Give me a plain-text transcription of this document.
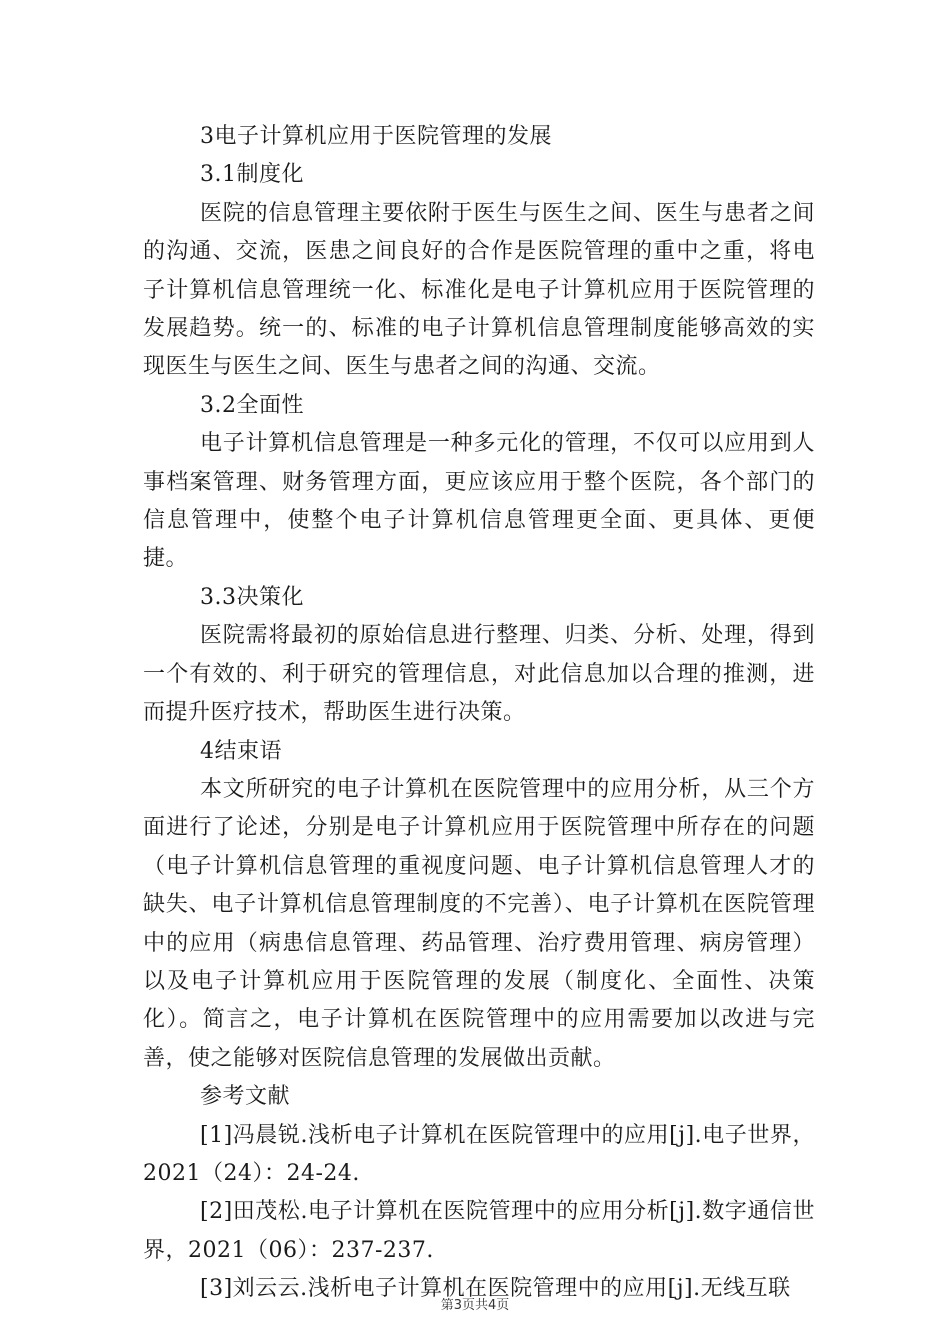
3电子计算机应用于医院管理的发展

3.1制度化

医院的信息管理主要依附于医生与医生之间、医生与患者之间的沟通、交流，医患之间良好的合作是医院管理的重中之重，将电子计算机信息管理统一化、标准化是电子计算机应用于医院管理的发展趋势。统一的、标准的电子计算机信息管理制度能够高效的实现医生与医生之间、医生与患者之间的沟通、交流。

3.2全面性

电子计算机信息管理是一种多元化的管理，不仅可以应用到人事档案管理、财务管理方面，更应该应用于整个医院，各个部门的信息管理中，使整个电子计算机信息管理更全面、更具体、更便捷。

3.3决策化

医院需将最初的原始信息进行整理、归类、分析、处理，得到一个有效的、利于研究的管理信息，对此信息加以合理的推测，进而提升医疗技术，帮助医生进行决策。

4结束语

本文所研究的电子计算机在医院管理中的应用分析，从三个方面进行了论述，分别是电子计算机应用于医院管理中所存在的问题（电子计算机信息管理的重视度问题、电子计算机信息管理人才的缺失、电子计算机信息管理制度的不完善）、电子计算机在医院管理中的应用（病患信息管理、药品管理、治疗费用管理、病房管理）以及电子计算机应用于医院管理的发展（制度化、全面性、决策化）。简言之，电子计算机在医院管理中的应用需要加以改进与完善，使之能够对医院信息管理的发展做出贡献。

参考文献

[1]冯晨锐.浅析电子计算机在医院管理中的应用[j].电子世界，2021（24）：24-24.

[2]田茂松.电子计算机在医院管理中的应用分析[j].数字通信世界，2021（06）：237-237.

[3]刘云云.浅析电子计算机在医院管理中的应用[j].无线互联

第3页共4页
